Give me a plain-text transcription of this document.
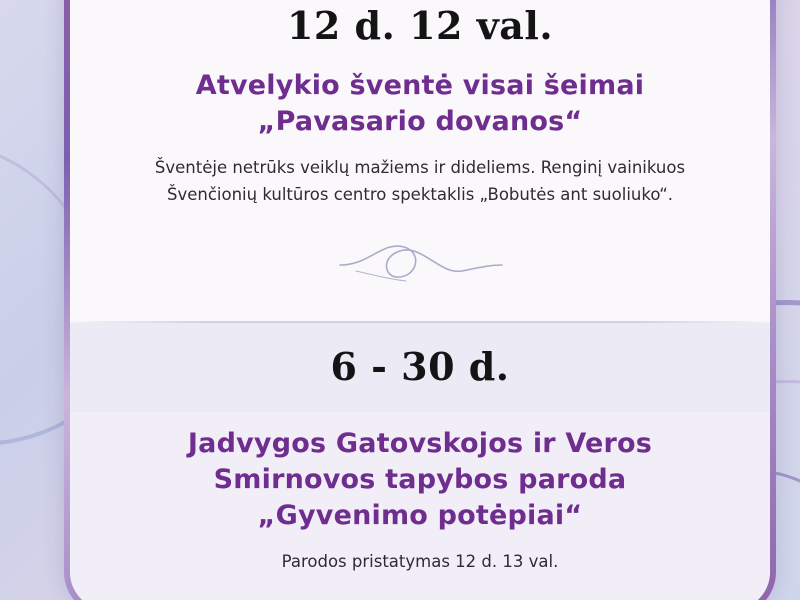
12 d. 12 val.
Atvelykio šventė visai šeimai
„Pavasario dovanos“

Šventėje netrūks veiklų mažiems ir dideliems. Renginį vainikuos Švenčionių kultūros centro spektaklis „Bobutės ant suoliuko“.

6 - 30 d.
Jadvygos Gatovskojos ir Veros
Smirnovos tapybos paroda
„Gyvenimo potėpiai“

Parodos pristatymas 12 d. 13 val.
